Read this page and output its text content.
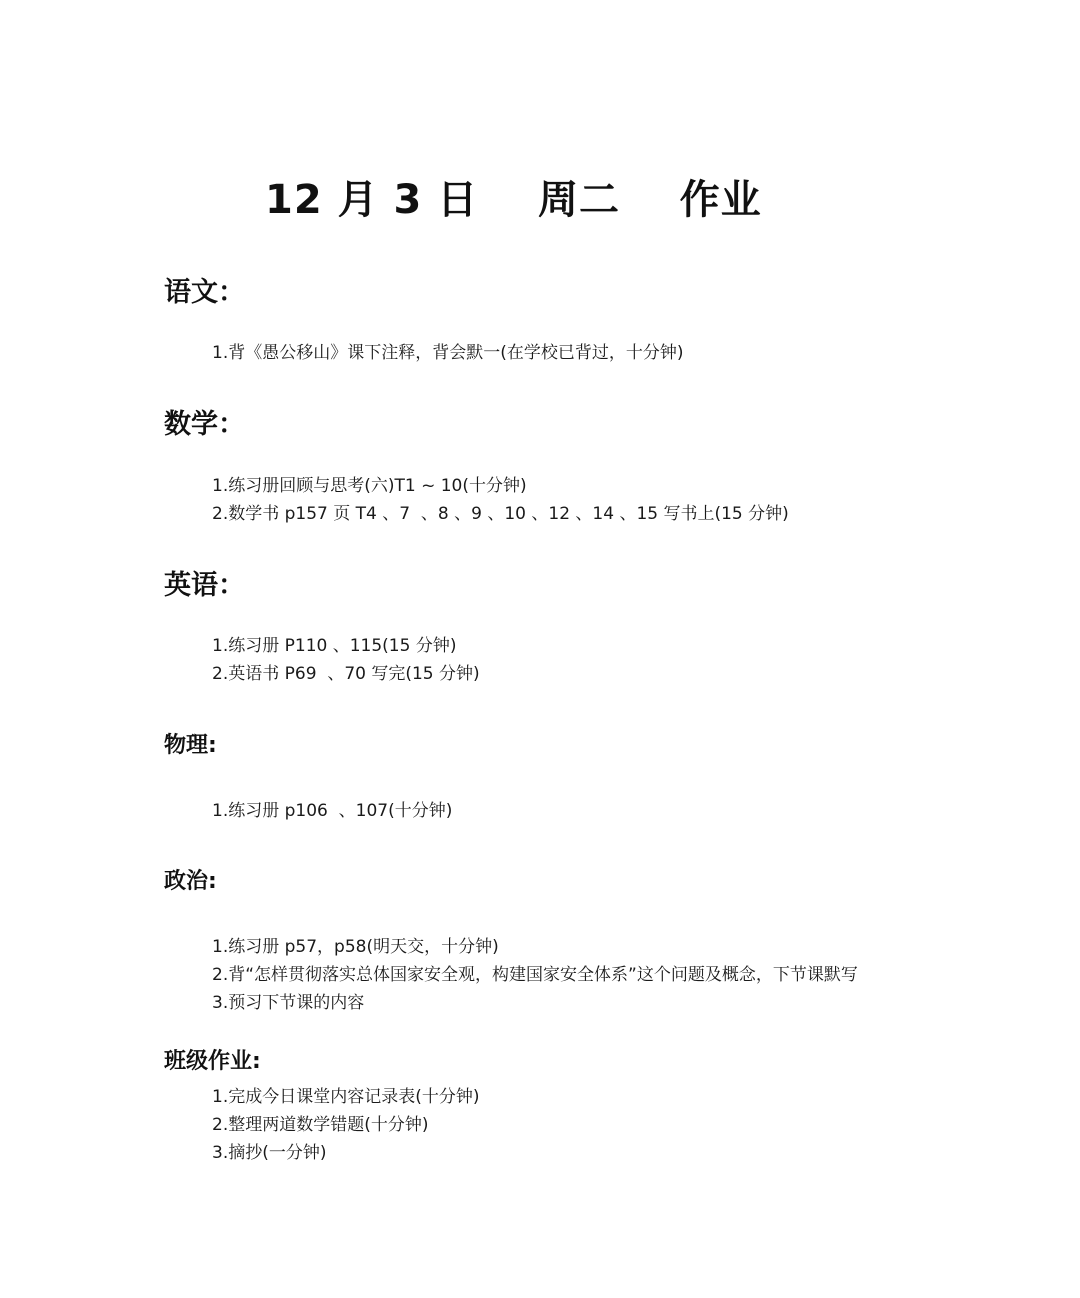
12 月 3 日    周二    作业
语文：
1.背《愚公移山》课下注释，背会默一(在学校已背过，十分钟)
数学：
1.练习册回顾与思考(六)T1 ~ 10(十分钟)
2.数学书 p157 页 T4 、7  、8 、9 、10 、12 、14 、15 写书上(15 分钟)
英语：
1.练习册 P110 、115(15 分钟)
2.英语书 P69  、70 写完(15 分钟)
物理:
1.练习册 p106  、107(十分钟)
政治:
1.练习册 p57，p58(明天交，十分钟)
2.背“怎样贯彻落实总体国家安全观，构建国家安全体系”这个问题及概念，下节课默写
3.预习下节课的内容
班级作业:
1.完成今日课堂内容记录表(十分钟)
2.整理两道数学错题(十分钟)
3.摘抄(一分钟)
